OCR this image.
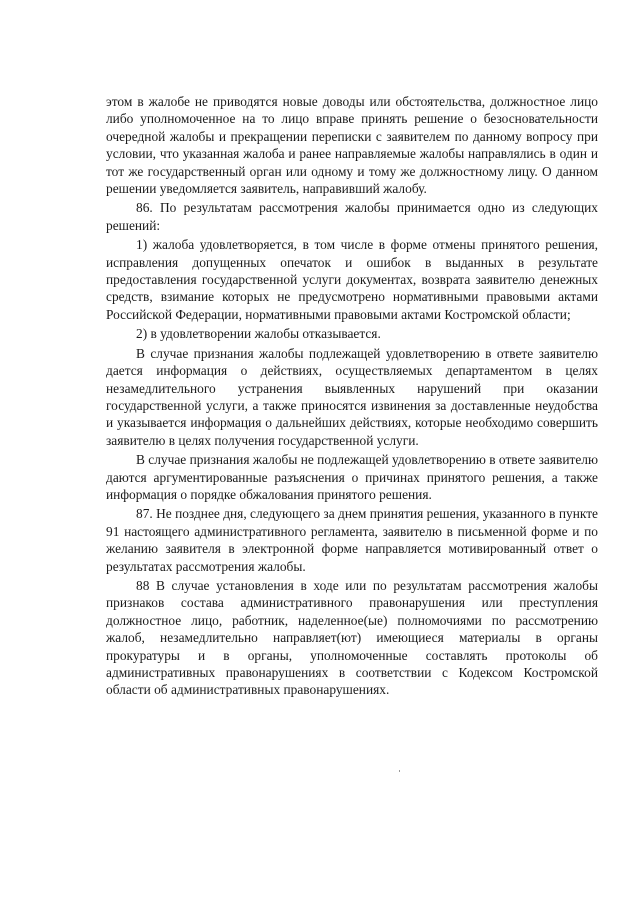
этом в жалобе не приводятся новые доводы или обстоятельства, должностное лицо либо уполномоченное на то лицо вправе принять решение о безосновательности очередной жалобы и прекращении переписки с заявителем по данному вопросу при условии, что указанная жалоба и ранее направляемые жалобы направлялись в один и тот же государственный орган или одному и тому же должностному лицу. О данном решении уведомляется заявитель, направивший жалобу.

86. По результатам рассмотрения жалобы принимается одно из следующих решений:

1) жалоба удовлетворяется, в том числе в форме отмены принятого решения, исправления допущенных опечаток и ошибок в выданных в результате предоставления государственной услуги документах, возврата заявителю денежных средств, взимание которых не предусмотрено нормативными правовыми актами Российской Федерации, нормативными правовыми актами Костромской области;

2) в удовлетворении жалобы отказывается.

В случае признания жалобы подлежащей удовлетворению в ответе заявителю дается информация о действиях, осуществляемых департаментом в целях незамедлительного устранения выявленных нарушений при оказании государственной услуги, а также приносятся извинения за доставленные неудобства и указывается информация о дальнейших действиях, которые необходимо совершить заявителю в целях получения государственной услуги.

В случае признания жалобы не подлежащей удовлетворению в ответе заявителю даются аргументированные разъяснения о причинах принятого решения, а также информация о порядке обжалования принятого решения.

87. Не позднее дня, следующего за днем принятия решения, указанного в пункте 91 настоящего административного регламента, заявителю в письменной форме и по желанию заявителя в электронной форме направляется мотивированный ответ о результатах рассмотрения жалобы.

88 В случае установления в ходе или по результатам рассмотрения жалобы признаков состава административного правонарушения или преступления должностное лицо, работник, наделенное(ые) полномочиями по рассмотрению жалоб, незамедлительно направляет(ют) имеющиеся материалы в органы прокуратуры и в органы, уполномоченные составлять протоколы об административных правонарушениях в соответствии с Кодексом Костромской области об административных правонарушениях.
